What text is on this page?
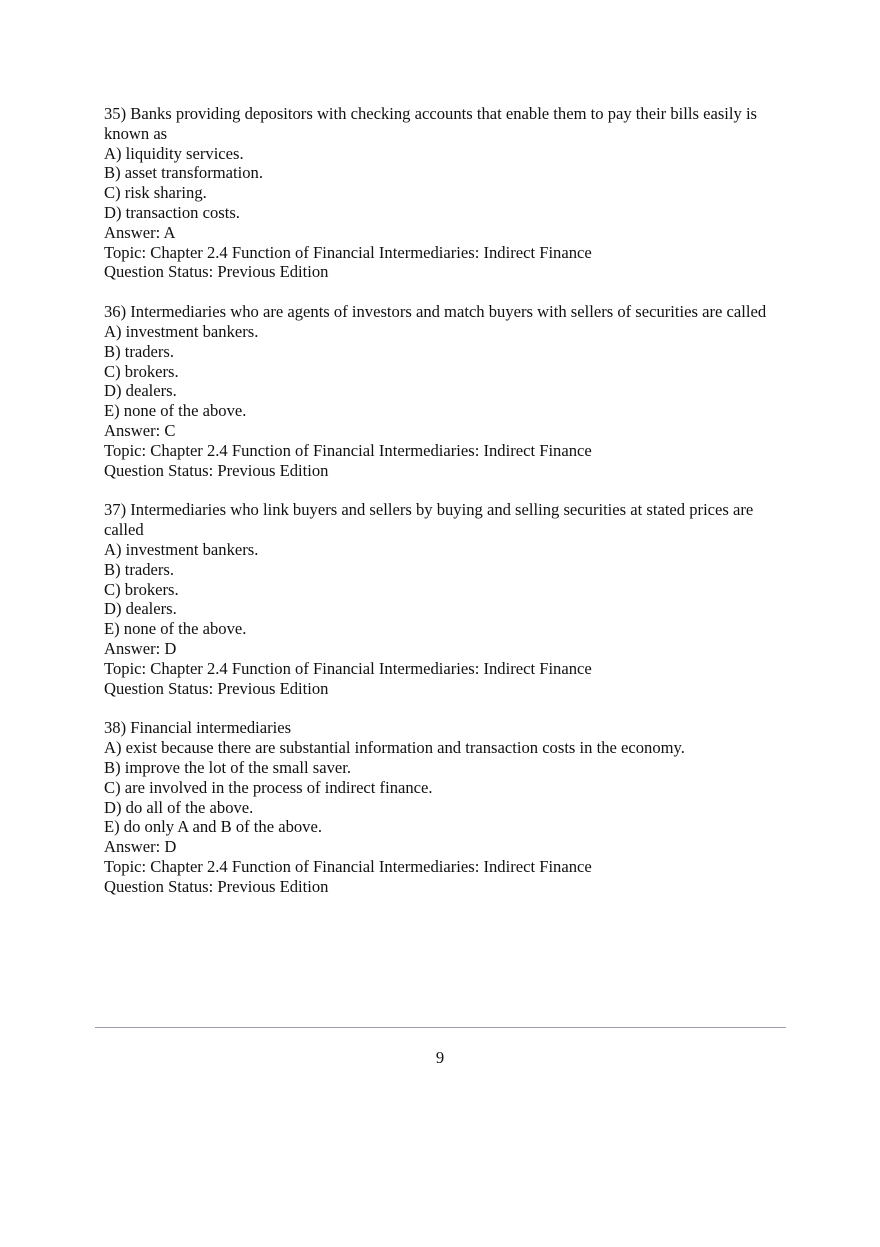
35) Banks providing depositors with checking accounts that enable them to pay their bills easily is known as
A) liquidity services.
B) asset transformation.
C) risk sharing.
D) transaction costs.
Answer: A
Topic: Chapter 2.4 Function of Financial Intermediaries: Indirect Finance
Question Status: Previous Edition
36) Intermediaries who are agents of investors and match buyers with sellers of securities are called
A) investment bankers.
B) traders.
C) brokers.
D) dealers.
E) none of the above.
Answer: C
Topic: Chapter 2.4 Function of Financial Intermediaries: Indirect Finance
Question Status: Previous Edition
37) Intermediaries who link buyers and sellers by buying and selling securities at stated prices are called
A) investment bankers.
B) traders.
C) brokers.
D) dealers.
E) none of the above.
Answer: D
Topic: Chapter 2.4 Function of Financial Intermediaries: Indirect Finance
Question Status: Previous Edition
38) Financial intermediaries
A) exist because there are substantial information and transaction costs in the economy.
B) improve the lot of the small saver.
C) are involved in the process of indirect finance.
D) do all of the above.
E) do only A and B of the above.
Answer: D
Topic: Chapter 2.4 Function of Financial Intermediaries: Indirect Finance
Question Status: Previous Edition
9
